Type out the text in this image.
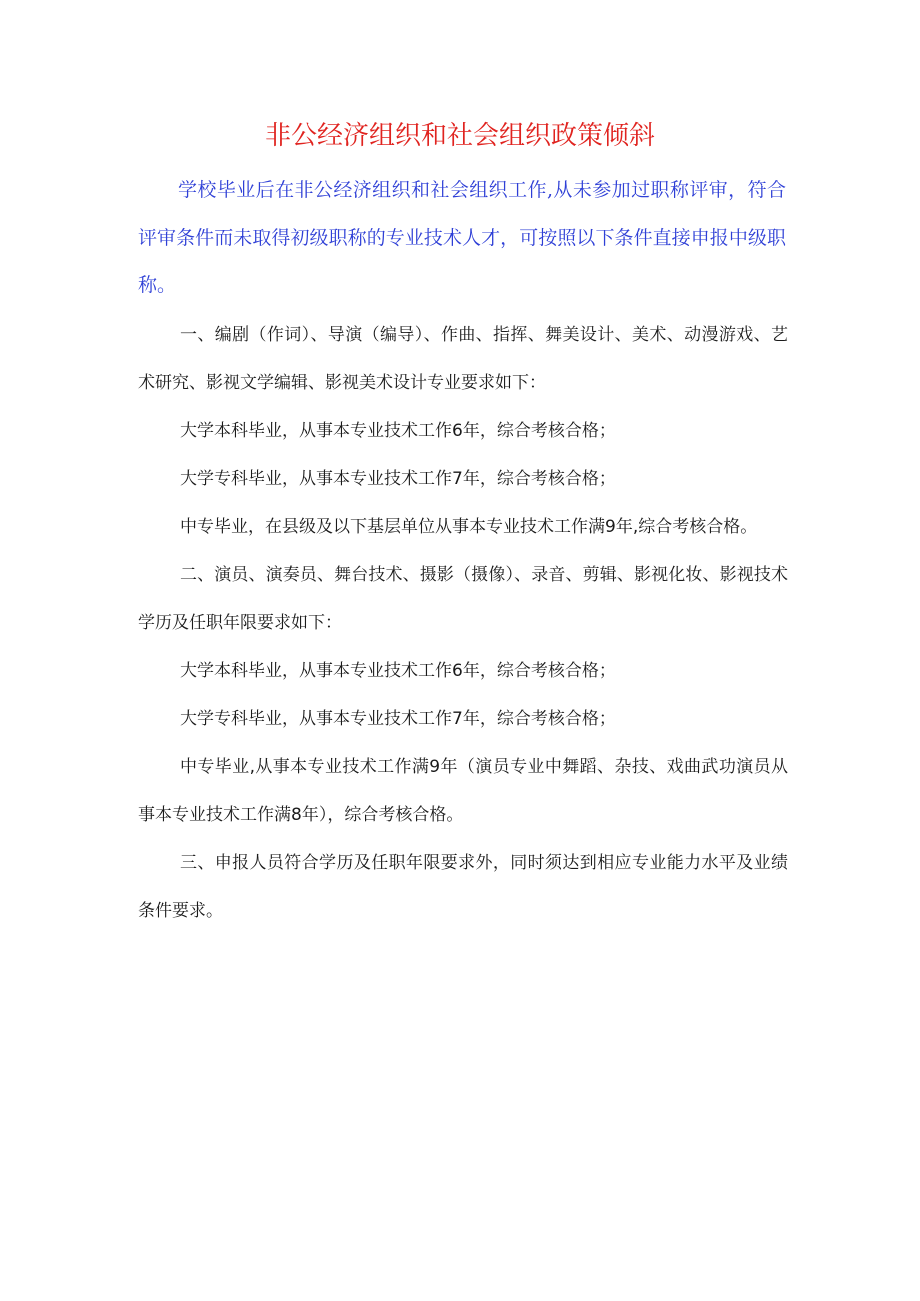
非公经济组织和社会组织政策倾斜
学校毕业后在非公经济组织和社会组织工作,从未参加过职称评审，符合评审条件而未取得初级职称的专业技术人才，可按照以下条件直接申报中级职称。

一、编剧（作词）、导演（编导）、作曲、指挥、舞美设计、美术、动漫游戏、艺术研究、影视文学编辑、影视美术设计专业要求如下：

大学本科毕业，从事本专业技术工作6年，综合考核合格；

大学专科毕业，从事本专业技术工作7年，综合考核合格；

中专毕业，在县级及以下基层单位从事本专业技术工作满9年,综合考核合格。

二、演员、演奏员、舞台技术、摄影（摄像）、录音、剪辑、影视化妆、影视技术学历及任职年限要求如下：

大学本科毕业，从事本专业技术工作6年，综合考核合格；

大学专科毕业，从事本专业技术工作7年，综合考核合格；

中专毕业,从事本专业技术工作满9年（演员专业中舞蹈、杂技、戏曲武功演员从事本专业技术工作满8年），综合考核合格。

三、申报人员符合学历及任职年限要求外，同时须达到相应专业能力水平及业绩条件要求。
